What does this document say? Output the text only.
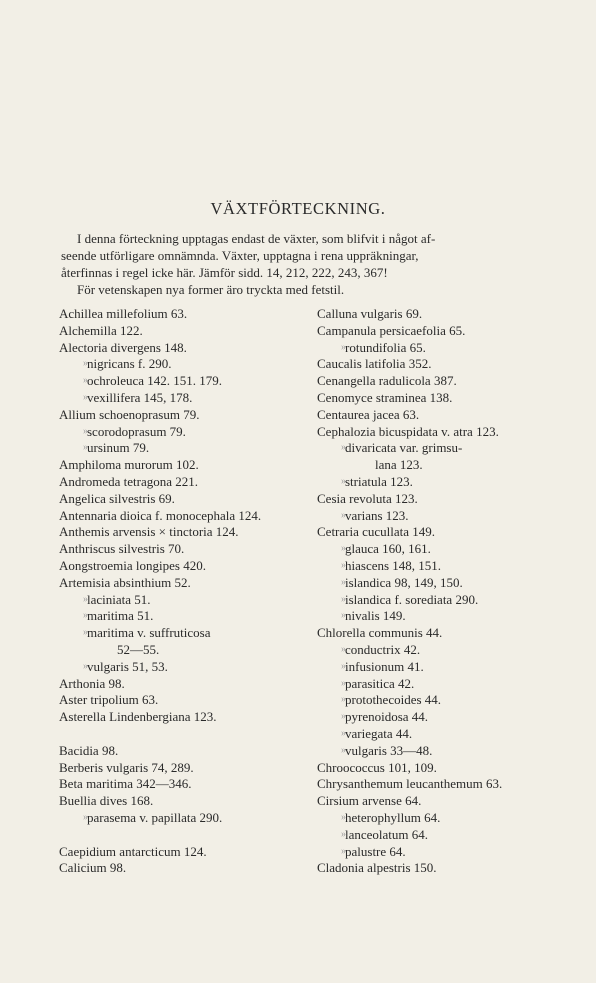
VÄXTFÖRTECKNING.

I denna förteckning upptagas endast de växter, som blifvit i något af-

seende utförligare omnämnda. Växter, upptagna i rena uppräkningar,

återfinnas i regel icke här. Jämför sidd. 14, 212, 222, 243, 367!

För vetenskapen nya former äro tryckta med fetstil.

Achillea millefolium 63.
Alchemilla 122.
Alectoria divergens 148.
» nigricans f. 290.
» ochroleuca 142. 151. 179.
» vexillifera 145, 178.
Allium schoenoprasum 79.
» scorodoprasum 79.
» ursinum 79.
Amphiloma murorum 102.
Andromeda tetragona 221.
Angelica silvestris 69.
Antennaria dioica f. monocephala 124.
Anthemis arvensis × tinctoria 124.
Anthriscus silvestris 70.
Aongstroemia longipes 420.
Artemisia absinthium 52.
» laciniata 51.
» maritima 51.
» maritima v. suffruticosa
52—55.
» vulgaris 51, 53.
Arthonia 98.
Aster tripolium 63.
Asterella Lindenbergiana 123.
Bacidia 98.
Berberis vulgaris 74, 289.
Beta maritima 342—346.
Buellia dives 168.
» parasema v. papillata 290.
Caepidium antarcticum 124.
Calicium 98.
Calluna vulgaris 69.
Campanula persicaefolia 65.
» rotundifolia 65.
Caucalis latifolia 352.
Cenangella radulicola 387.
Cenomyce straminea 138.
Centaurea jacea 63.
Cephalozia bicuspidata v. atra 123.
» divaricata var. grimsu-
lana 123.
» striatula 123.
Cesia revoluta 123.
» varians 123.
Cetraria cucullata 149.
» glauca 160, 161.
» hiascens 148, 151.
» islandica 98, 149, 150.
» islandica f. sorediata 290.
» nivalis 149.
Chlorella communis 44.
» conductrix 42.
» infusionum 41.
» parasitica 42.
» protothecoides 44.
» pyrenoidosa 44.
» variegata 44.
» vulgaris 33—48.
Chroococcus 101, 109.
Chrysanthemum leucanthemum 63.
Cirsium arvense 64.
» heterophyllum 64.
» lanceolatum 64.
» palustre 64.
Cladonia alpestris 150.
